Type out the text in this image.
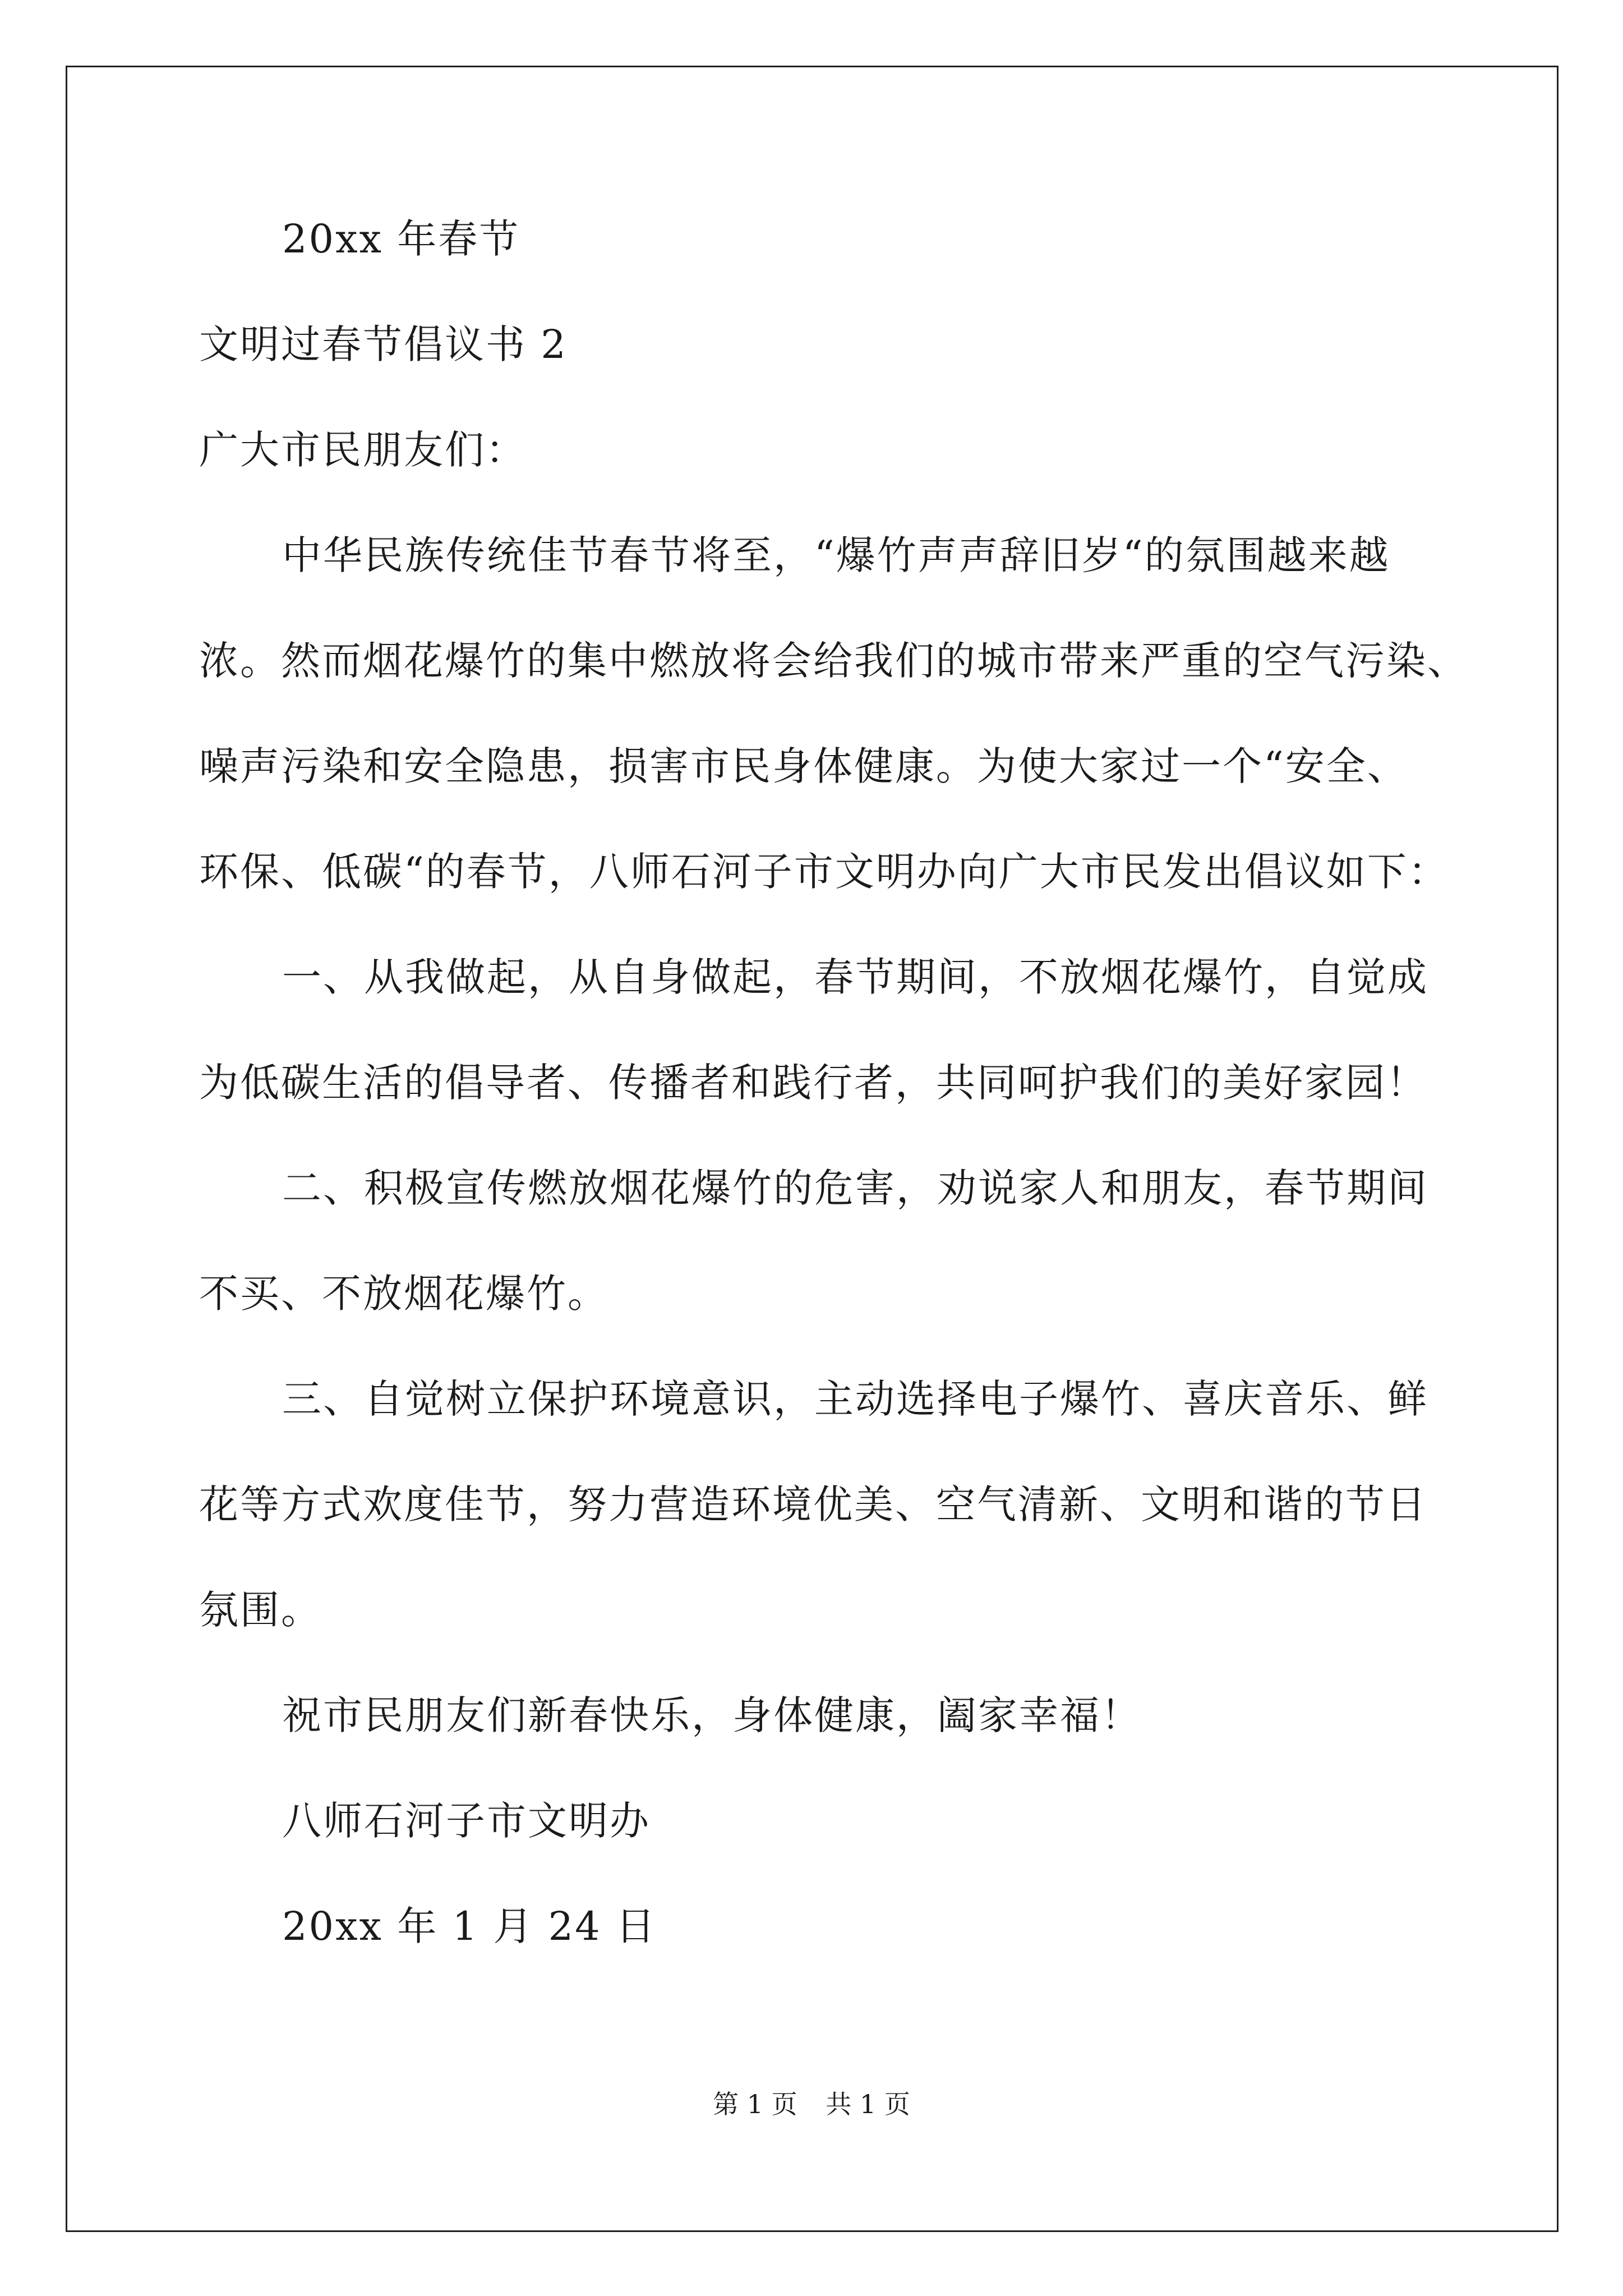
20xx 年春节
文明过春节倡议书 2
广大市民朋友们：
中华民族传统佳节春节将至，“爆竹声声辞旧岁“的氛围越来越
浓。然而烟花爆竹的集中燃放将会给我们的城市带来严重的空气污染、
噪声污染和安全隐患，损害市民身体健康。为使大家过一个“安全、
环保、低碳“的春节，八师石河子市文明办向广大市民发出倡议如下：
一、从我做起，从自身做起，春节期间，不放烟花爆竹，自觉成
为低碳生活的倡导者、传播者和践行者，共同呵护我们的美好家园！
二、积极宣传燃放烟花爆竹的危害，劝说家人和朋友，春节期间
不买、不放烟花爆竹。
三、自觉树立保护环境意识，主动选择电子爆竹、喜庆音乐、鲜
花等方式欢度佳节，努力营造环境优美、空气清新、文明和谐的节日
氛围。
祝市民朋友们新春快乐，身体健康，阖家幸福！
八师石河子市文明办
20xx 年 1 月 24 日
第 1 页 共 1 页
